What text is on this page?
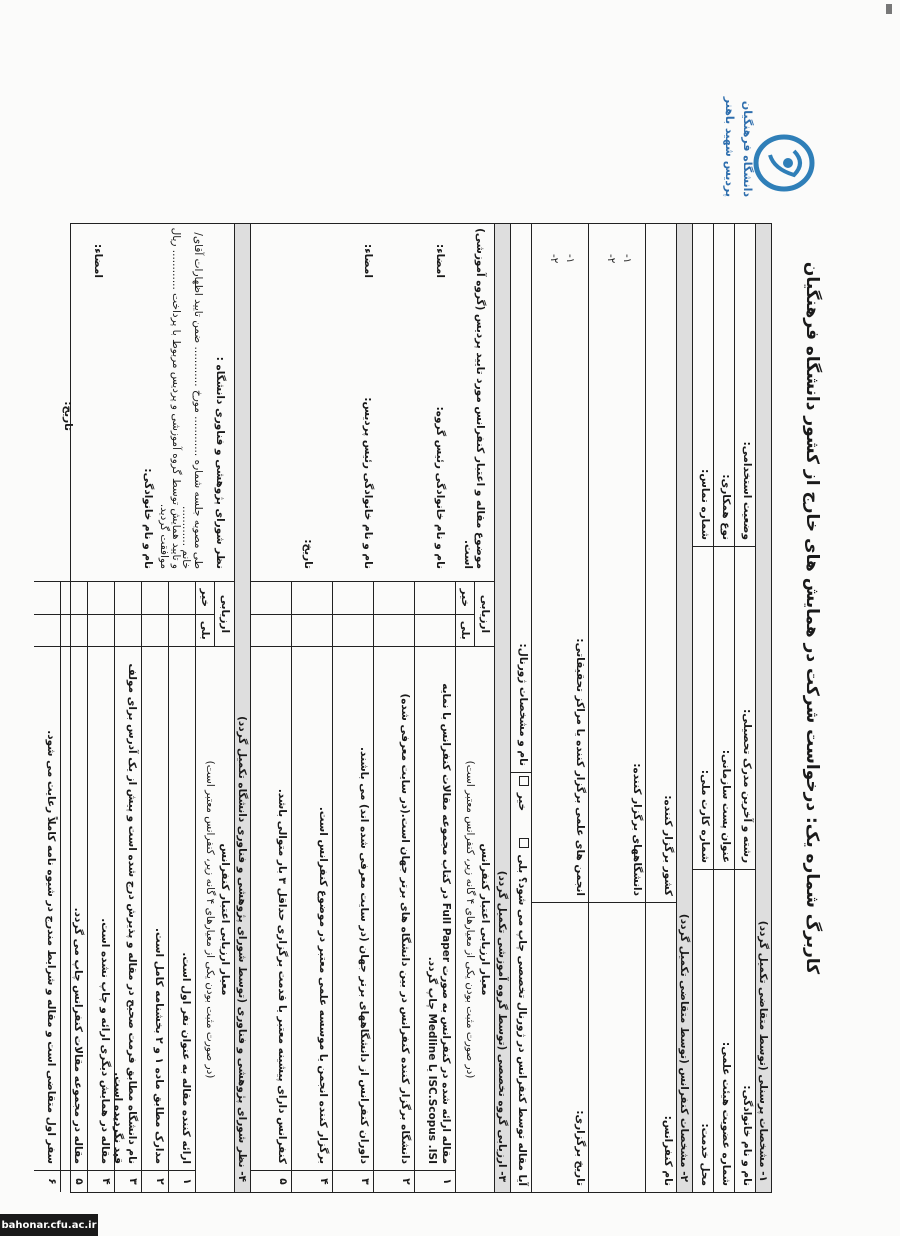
کاربرگ شماره یک: درخواست شرکت در همایش های خارج از کشور دانشگاه فرهنگیان
دانشگاه فرهنگیان
پردیس شهید باهنر
۱- مشخصات پرسنلی (توسط متقاضی تکمیل گردد)
نام و نام خانوادگی:
رشته و آخرین مدرک تحصیلی:
وضعیت استخدامی:
شماره عضویت هیئت علمی:
عنوان پست سازمانی:
نوع همکاری:
محل خدمت:
شماره کارت ملی:
شماره تماس:
۲- مشخصات کنفرانس (توسط متقاضی تکمیل گردد)
نام کنفرانس:
کشور برگزار کننده:
دانشگاههای برگزار کننده:
۱-
۲-
تاریخ برگزاری:
انجمن های علمی برگزار کننده یا مراکز تحقیقاتی:
۱-
۲-
آیا مقاله توسط کنفرانس در ژورنال تخصصی چاپ می شود؟ بلی  خیر
نام و مشخصات ژورنال:
۳- ارزیابی گروه تخصصی (توسط گروه آموزشی تکمیل گردد)
معیار ارزیابی اعتبار کنفرانس
(در صورت مثبت بودن یکی از معیارهای ۴ گانه زیر، کنفرانس معتبر است)
ارزیابی
بلی
خیر
۱
مقاله ارائه شده در کنفرانس به صورت Full Paper در کتاب مجموعه مقالات کنفرانس با نمایه ISC.Scopus .ISI یا Medline چاپ گردد.
۲
دانشگاه برگزار کننده کنفرانس در بین دانشگاه های برتر جهان است.(در سایت معرفی شده)
۳
داوران کنفرانس از دانشگاههای برتر جهان (در سایت معرفی شده اند) می باشند.
۴
برگزار کننده انجمن یا موسسه علمی معتبر در موضوع کنفرانس است.
۵
کنفرانس دارای پیشینه معتبر یا قدمت برگزاری حداقل ۳ بار متوالی باشد.
موضوع مقاله و اعتبار کنفرانس مورد تایید پردیس (گروه آموزشی) است.
نام و نام خانوادگی رئیس گروه:
امضاء:
نام و نام خانوادگی رئیس پردیس:
امضاء:
تاریخ:
۴- نظر شورای پژوهشی و فناوری (توسط شورای پژوهشی و فناوری دانشگاه تکمیل گردد)
معیار ارزیابی اعتبار کنفرانس
(در صورت مثبت بودن یکی از معیارهای ۴ گانه زیر، کنفرانس معتبر است)
ارزیابی
بلی
خیر
۱
ارائه کننده مقاله به عنوان نفر اول است.
۲
مدارک مطابق ماده ۱ و ۲ بخشنامه کامل است.
۳
نام دانشگاه مطابق فرمت صحیح در مقاله و پذیرش درج شده است و پیش از یک آدرس برای مولف قید نگردیده است.
۴
مقاله در همایش دیگری ارائه و چاپ نشده است.
۵
مقاله در مجموعه مقالات کنفرانس چاپ می گردد.
۶
سفر اول متقاضی است و مقاله و شرایط مندرج در شیوه نامه کاملاً رعایت می شود.
نظر شورای پژوهشی و فناوری دانشگاه :
طی مصوبه جلسه شماره ............ مورخ ............ ضمن تایید اظهارات آقای/خانم ............
و تایید همایش توسط گروه آموزشی و پردیس مربوط با پرداخت ............ ریال موافقت گردید.
نام و نام خانوادگی:
امضاء:
تاریخ:
bahonar.cfu.ac.ir
